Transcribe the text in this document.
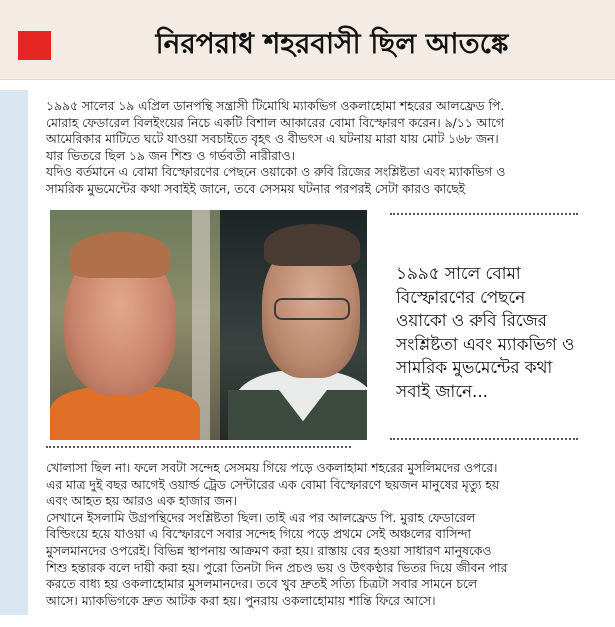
নিরপরাধ শহরবাসী ছিল আতঙ্কে

১৯৯৫ সালের ১৯ এপ্রিল ডানপন্থি সন্ত্রাসী টিমোথি ম্যাকভিগ ওকলাহোমা শহরের আলফ্রেড পি.

মোরাহ ফেডারেল বিলইংয়ের নিচে একটি বিশাল আকারের বোমা বিস্ফোরণ করেন। ৯/১১ আগে

আমেরিকার মাটিতে ঘটে যাওয়া সবচাইতে বৃহৎ ও বীভৎস এ ঘটনায় মারা যায় মোট ১৬৮ জন।

যার ভিতরে ছিল ১৯ জন শিশু ও গর্ভবতী নারীরাও।

যদিও বর্তমানে এ বোমা বিস্ফোরণের পেছনে ওয়াকো ও রুবি রিজের সংশ্লিষ্টতা এবং ম্যাকভিগ ও

সামরিক মুভমেন্টের কথা সবাইই জানে, তবে সেসময় ঘটনার পরপরই সেটা কারও কাছেই

১৯৯৫ সালে বোমা

বিস্ফোরণের পেছনে

ওয়াকো ও রুবি রিজের

সংশ্লিষ্টতা এবং ম্যাকভিগ ও

সামরিক মুভমেন্টের কথা

সবাই জানে...

খোলাসা ছিল না। ফলে সবটা সন্দেহ সেসময় গিয়ে পড়ে ওকলাহামা শহরের মুসলিমদের ওপরে।

এর মাত্র দুই বছর আগেই ওয়ার্ল্ড ট্রেড সেন্টারের এক বোমা বিস্ফোরণে ছয়জন মানুষের মৃত্যু হয়

এবং আহত হয় আরও এক হাজার জন।

সেখানে ইসলামি উগ্রপন্থিদের সংশ্লিষ্টতা ছিল। তাই এর পর আলফ্রেড পি. মুরাহ ফেডারেল

বিল্ডিংয়ে হয়ে যাওয়া এ বিস্ফোরণে সবার সন্দেহ গিয়ে পড়ে প্রথমে সেই অঞ্চলের বাসিন্দা

মুসলমানদের ওপরেই। বিভিন্ন স্থাপনায় আক্রমণ করা হয়। রাস্তায় বের হওয়া সাধারণ মানুষকেও

শিশু হন্তারক বলে দায়ী করা হয়। পুরো তিনটা দিন প্রচণ্ড ভয় ও উৎকণ্ঠার ভিতর দিয়ে জীবন পার

করতে বাধ্য হয় ওকলাহোমার মুসলমানদের। তবে খুব দ্রুতই সত্যি চিত্রটা সবার সামনে চলে

আসে। ম্যাকভিগকে দ্রুত আটক করা হয়। পুনরায় ওকলাহোমায় শান্তি ফিরে আসে।
